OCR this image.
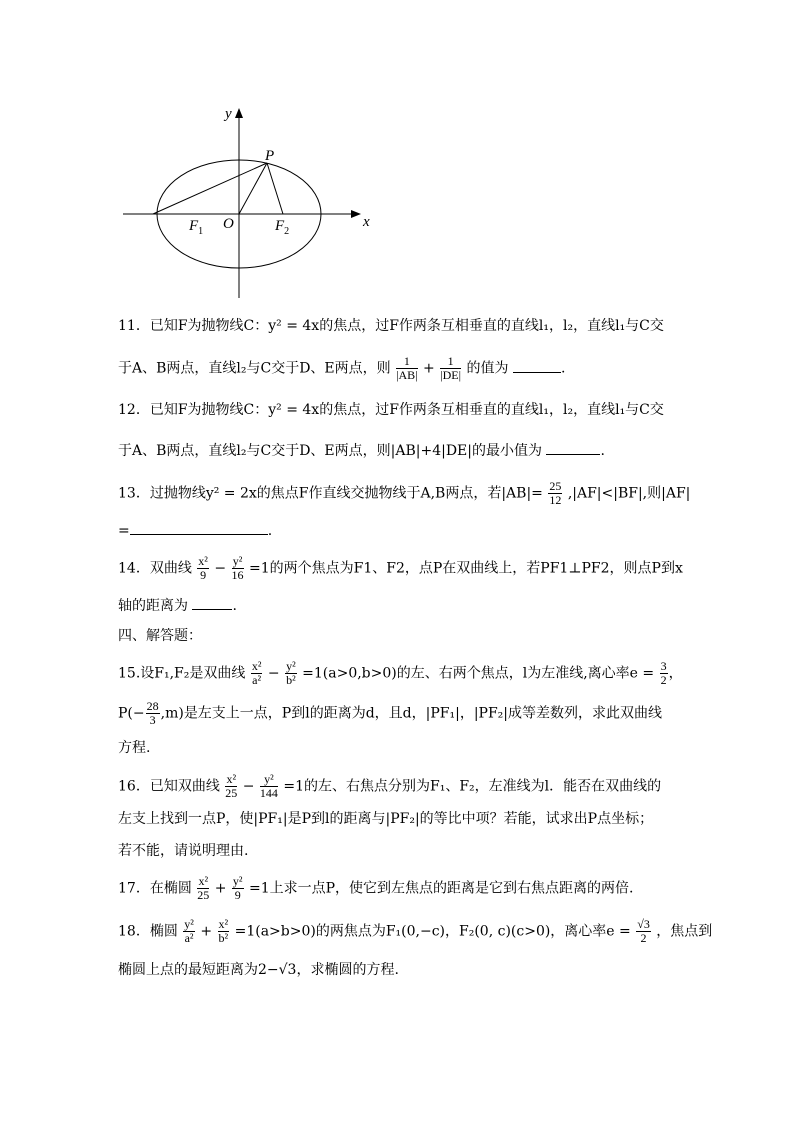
y
x
P
O
$F_1$	$F_2$
11．已知F为抛物线C：y² = 4x的焦点，过F作两条互相垂直的直线l₁，l₂，直线l₁与C交
于A、B两点，直线l₂与C交于D、E两点，则 $\frac{1}{|AB|} + \frac{1}{|DE|}$ 的值为	.
12．已知F为抛物线C：y² = 4x的焦点，过F作两条互相垂直的直线l₁，l₂，直线l₁与C交
于A、B两点，直线l₂与C交于D、E两点，则|AB|+4|DE|的最小值为	.
13．过抛物线y² = 2x的焦点F作直线交抛物线于A,B两点，若$|AB|= \frac{25}{12} ,|AF|<|BF|$,则|AF|
=	.
14．双曲线 $\frac{\text{x²}}{9} - \frac{\text{y²}}{16} =1$的两个焦点为F1、F2，点P在双曲线上，若PF1⊥PF2，则点P到x
轴的距离为	.
四、解答题：
15.设F₁,F₂是双曲线 $\frac{\text{x²}}{\text{a²}} - \frac{\text{y²}}{\text{b²}} =1(a>0,b>0)$的左、右两个焦点，l为左准线,离心率$e = \frac{3}{2}$ ，
$P(- \frac{28}{3} ,m)$是左支上一点，P到l的距离为d，且d，|PF₁|，|PF₂|成等差数列，求此双曲线
方程.
16．已知双曲线 $\frac{\text{x²}}{25} - \frac{\text{y²}}{144} =1$的左、右焦点分别为F₁、F₂，左准线为l．能否在双曲线的
左支上找到一点P，使|PF₁|是P到l的距离与|PF₂|的等比中项？若能，试求出P点坐标；
若不能，请说明理由.
17．在椭圆 $\frac{\text{x²}}{25} + \frac{\text{y²}}{9} =1$上求一点P，使它到左焦点的距离是它到右焦点距离的两倍.
18．椭圆 $\frac{\text{y²}}{\text{a²}} + \frac{\text{x²}}{\text{b²}} =1(a>b>0)$的两焦点为F₁(0,−c)，F₂(0, c)(c>0)，离心率$e = \frac{√3}{2}$ ，焦点到
椭圆上点的最短距离为2−√3，求椭圆的方程.
